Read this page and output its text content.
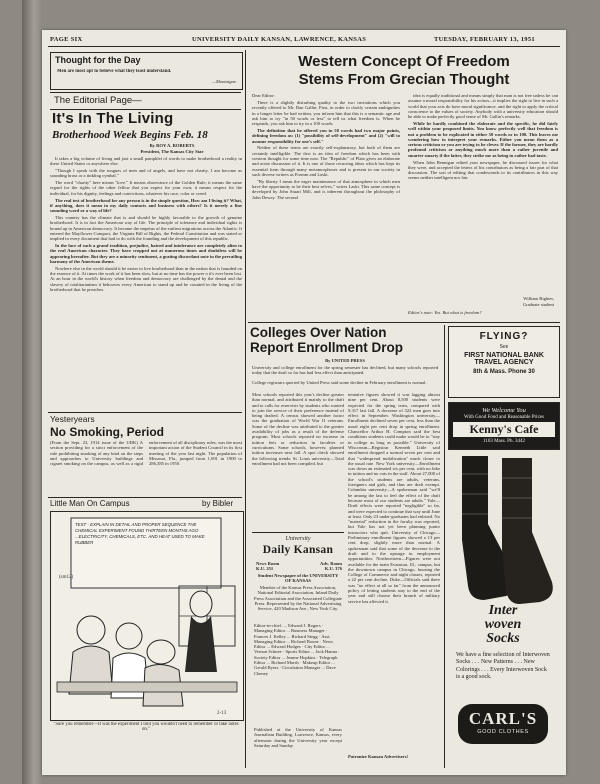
PAGE SIX	UNIVERSITY DAILY KANSAN, LAWRENCE, KANSAS	TUESDAY, FEBRUARY 13, 1951
Thought for the Day
Men are most apt to believe what they least understand.
—Montaigne.
The Editorial Page—
It's In The Living
Brotherhood Week Begins Feb. 18
By ROY A. ROBERTS
President, The Kansas City Star

It takes a big volume of living and just a small pamphlet of words to make brotherhood a reality in these United States or anywhere else.

"Though I speak with the tongues of men and of angels, and have not charity, I am become as sounding brass or a tinkling cymbal."

The word "charity" here means "love." It means observance of the Golden Rule; it means the same regard for the rights of the other fellow that you expect for your own; it means respect for the individual, for his dignity, feelings and convictions, whatever his race, color or creed.

The real test of brotherhood for any person is in the simple question, How am I living it? What, if anything, does it mean in my daily contacts and business with others? Is it merely a fine sounding word or a way of life?

This country has the climate that is and should be highly favorable to the growth of genuine brotherhood. It is in fact the American way of life. The principle of tolerance and individual rights is bound up in American democracy. It became the impetus of the earliest migrations across the Atlantic. It entered the Mayflower Compact, the Virginia Bill of Rights, the Federal Constitution and was stated or implied in every document that had to do with the founding and the development of this republic.

In the face of such a grand tradition, prejudice, hatred and intolerance are completely alien to the real American character. They have cropped out at numerous times and doubtless will be appearing hereafter. But they are a minority sentiment, a grating discordant note in the prevailing harmony of the American theme.

Nowhere else in the world should it be easier to live brotherhood than in the nation that is founded on the essence of it. At times the work of it has been slow, but at no time has the power o it's ever been lost. At an hour in the world's history when freedom and democracy are challenged by the denial and the slavery of totalitarianism it behooves every American to stand up and be counted in the living of the brotherhood that he preaches.

Yesteryears
No Smoking, Period
(From the Sept. 23, 1914 issue of the UDK) A section providing for a strict enforcement of the rule prohibiting smoking of any kind on the steps and approaches to University buildings and cigaret smoking on the campus, as well as a rigid enforcement of all disciplinary rules, was the most important action of the Student Council in its first meeting of the year last night. The population of Missouri, Fla., jumped from 1,691 in 1900 to 286,385 in 1950.
Little Man On Campus	by Bibler
(sm12)
2-13
TEST - EXPLAIN IN DETAIL AND PROPER SEQUENCE THE CHEMICAL EXPERIMENT FOUND THIRTEEN MONTHS AGO ...ELECTRICITY, CHEMICALS, ETC. AND HEAT USED TO MAKE RUBBER
"Sure you remember—It was the experiment I told you wouldn't need to remember or take notes on."
Western Concept Of Freedom
Stems From Grecian Thought
Dear Editor:

There is a slightly disturbing quality to the two invitations which you recently offered to Mr. Dan Gallin. First, in order to clarify certain ambiguities in a longer letter he had written, you inform him that this is a semantic age and ask him to try "in 50 words or less" to tell us what freedom is. When he responds, you ask him to try in a 100 words.

The definition that he offered you in 50 words had two major points, defining freedom as: (1) "possibility of self-development" and (2) "will to assume responsibility for one's self."

Neither of these terms are exactly self-explanatory, but both of them are certainly intelligible. The first is an idea of freedom which has been with western thought for some time now. The "Republic" of Plato gives an elaborate and acute discussion of it. It is one of those recurring ideas which has kept its essential form through many metamorphoses and is present in our society in such diverse writers as Fromm and Laski.

"By liberty I mean the eager maintenance of that atmosphere in which men have the opportunity to be their best selves," writes Laski. This same concept is developed by John Stuart Mill, and is inherent throughout the philosophy of John Dewey. The second

idea is equally traditional and means simply that man is not free unless he can assume a moral responsibility for his action—it implies the right to live in such a world that your acts do have moral significance, and the right to apply the critical conscience to the values of society. Anybody with a university education should be able to make perfectly good sense of Mr. Gallin's remarks.

While he hardly combined the elaborate and the specific, he did fairly well within your proposed limits. You know perfectly well that freedom is not a problem to be explicated in either 50 words or in 100. This leaves me wondering how to interpret your remarks. Either you mean them as a serious criticism or you are trying to be clever. If the former, they are hardly profound criticism or anything much more than a rather juvenile and smarter smarty if the latter, they strike me as being in rather bad taste.

When John Bennigan edited your newspaper, he discussed issues for what they were, and accepted the letters of his contributors as being a fair part of that discussion. The sort of editing that condescends to its contributors in this way seems neither intelligent nor fair.

William Righter,
Graduate student
Editor's note: Yes. But what is freedom?
Colleges Over Nation
Report Enrollment Drop
By UNITED PRESS
University and college enrollment for the spring semester has declined, but many schools reported today that the draft so far has had less effect than anticipated.
College registrars queried by United Press said some decline in February enrollment is normal.
Most schools reported this year's decline greater than normal, and attributed it mainly to the draft and to calls for reservists by students who wanted to join the service of their preference instead of being drafted. A census showed another factor was the graduation of World War II veterans. Some of the decline was attributed to the greater availability of jobs as a result of the defense program. Most schools reported no increase in tuition fees or reduction in faculties or curriculums. Some schools, however, planned tuition increases next fall. A spot check showed the following trends: St. Louis university—Total enrollment had not been compiled, but
tentative figures showed it was lagging almost nine per cent. About 8,500 students were expected for the spring term, compared with 9,317 last fall. A decrease of 322 men goes into effect in September. Washington university—Enrollment declined seven per cent, less than the usual eight per cent drop in spring enrollment. Chancellor Arthur H. Compton said the best conditions students could make would be to "stay in college as long as possible." University of Wisconsin—Registrar Kenneth Little said enrollment dropped a normal seven per cent and that "widespread mobilization" much closer to the usual rate. New York university—Enrollment was down an estimated six per cent, with no hike in tuition and no cuts in the staff. About 27,000 of the school's students are adults, veterans, foreigners and girls, and thus are draft exempt. Columbia university—A spokesman said "we'll be among the last to feel the effect of the draft because most of our students are adults." Yale—Draft effects were reported "negligible" so far, and were expected to continue that way until June at least. Only 23 under-graduates had enlisted. No "material" reduction in the faculty was reported, but Yale has not yet been planning junior instructors who quit. University of Chicago—Preliminary enrollment figures showed a 13 per cent drop, slightly more than normal. A spokesman said that some of the decrease to the draft and to the upsurge in employment opportunities. Northwestern—Figures were not available for the main Evanston, Ill., campus, but the downtown campus in Chicago, housing the College of Commerce and night classes, reported a 22 per cent decline. Duke—Officials said there was "no effect at all so far" from the announced policy of letting students stay to the end of the year and still choose their branch of military service has affected it.
Patronize Kansan Advertisers!
University
Daily Kansan
News Room
K.U. 251
Adv. Room
K.U. 376
Student Newspaper of the UNIVERSITY OF KANSAS
Member of the Kansas Press Association, National Editorial Association, Inland Daily Press Association and the Associated Collegiate Press. Represented by the National Advertising Service, 420 Madison Ave., New York City.
Editor-in-chief .... Edward J. Rogers · Managing Editor ... Business Manager · Frances J. Kelley ... Richard Stegg · Asst. Managing Editor ... Richard Boone · News Editor ... Edward Hodges · City Editor ... Vernon Schnee · Sports Editor ... Jack Hanna · Society Editor ... Jeanne Hopkins · Telegraph Editor ... Richard Marsh · Makeup Editor ... Gerald Byers · Circulation Manager ... Dave Cheney
Published at the University of Kansas Journalism Building, Lawrence, Kansas, every afternoon during the University year except Saturday and Sunday.
FLYING?
See
FIRST NATIONAL BANK
TRAVEL AGENCY
8th & Mass. Phone 30
We Welcome You
With Good Food and Reasonable Prices
Kenny's Cafe
1103 Mass. Ph. 3442
Inter
woven
Socks
We have a fine selection of Interwoven Socks . . . New Patterns . . . New Colorings . . . Every Interwoven Sock is a good sock.
CARL'S
GOOD CLOTHES
